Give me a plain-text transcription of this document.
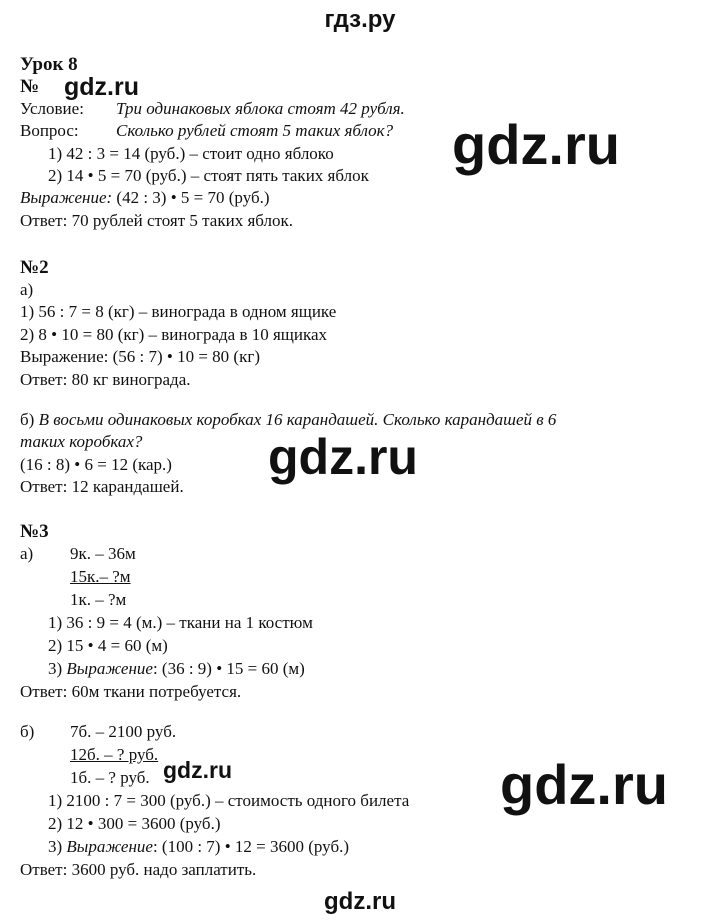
гдз.ру
gdz.ru
gdz.ru
gdz.ru
gdz.ru	gdz.ru
Урок 8
№
Условие: Три одинаковых яблока стоят 42 рубля.
Вопрос: Сколько рублей стоят 5 таких яблок?
1) 42 : 3 = 14 (руб.) – стоит одно яблоко
2) 14 • 5 = 70 (руб.) – стоят пять таких яблок
Выражение: (42 : 3) • 5 = 70 (руб.)
Ответ: 70 рублей стоят 5 таких яблок.
№2
а)
1) 56 : 7 = 8 (кг) – винограда в одном ящике
2) 8 • 10 = 80 (кг) – винограда в 10 ящиках
Выражение: (56 : 7) • 10 = 80 (кг)
Ответ: 80 кг винограда.
б) В восьми одинаковых коробках 16 карандашей. Сколько карандашей в 6
таких коробках?
(16 : 8) • 6 = 12 (кар.)
Ответ: 12 карандашей.
№3
а) 9к. – 36м
15к.– ?м
1к. – ?м
1) 36 : 9 = 4 (м.) – ткани на 1 костюм
2) 15 • 4 = 60 (м)
3) Выражение: (36 : 9) • 15 = 60 (м)
Ответ: 60м ткани потребуется.
б) 7б. – 2100 руб.
12б. – ? руб.
1б. – ? руб.
1) 2100 : 7 = 300 (руб.) – стоимость одного билета
2) 12 • 300 = 3600 (руб.)
3) Выражение: (100 : 7) • 12 = 3600 (руб.)
Ответ: 3600 руб. надо заплатить.
gdz.ru
